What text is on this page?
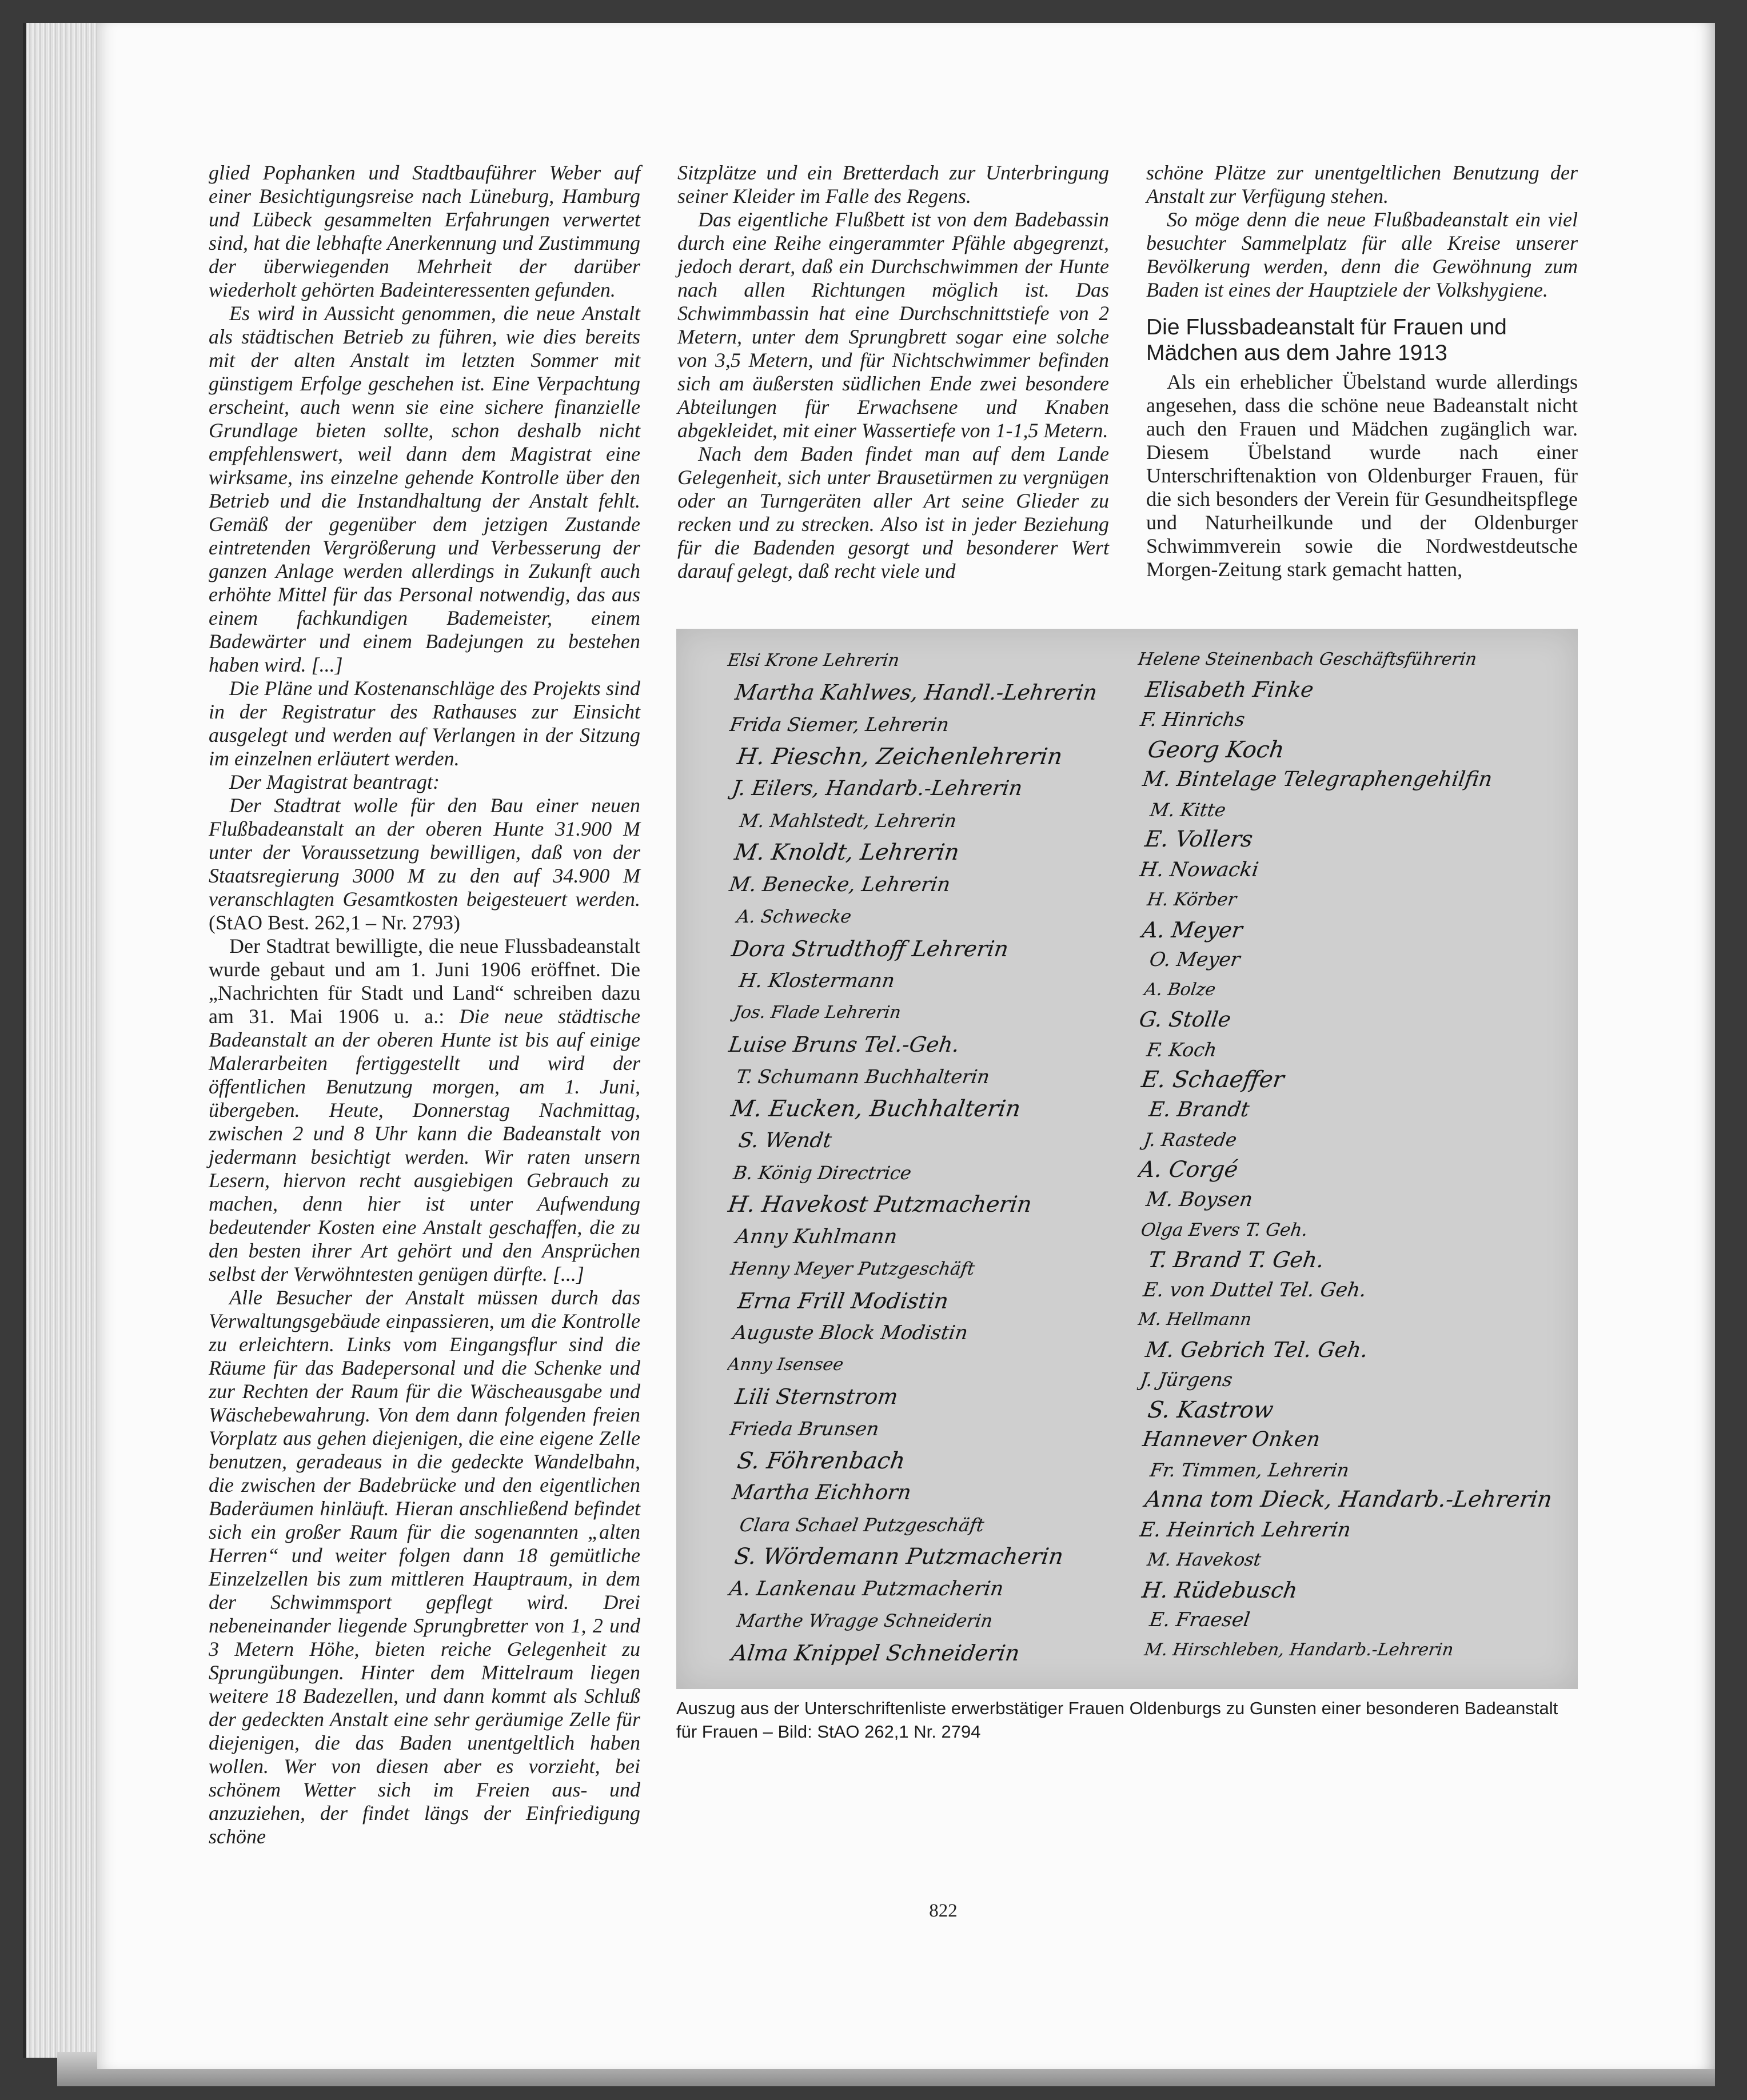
glied Pophanken und Stadtbauführer Weber auf einer Besichtigungsreise nach Lüneburg, Hamburg und Lübeck gesammelten Erfahrungen verwertet sind, hat die lebhafte Anerkennung und Zustimmung der überwiegenden Mehrheit der darüber wiederholt gehörten Badeinteressenten gefunden.

Es wird in Aussicht genommen, die neue Anstalt als städtischen Betrieb zu führen, wie dies bereits mit der alten Anstalt im letzten Sommer mit günstigem Erfolge geschehen ist. Eine Verpachtung erscheint, auch wenn sie eine sichere finanzielle Grundlage bieten sollte, schon deshalb nicht empfehlenswert, weil dann dem Magistrat eine wirksame, ins einzelne gehende Kontrolle über den Betrieb und die Instandhaltung der Anstalt fehlt. Gemäß der gegenüber dem jetzigen Zustande eintretenden Vergrößerung und Verbesserung der ganzen Anlage werden allerdings in Zukunft auch erhöhte Mittel für das Personal notwendig, das aus einem fachkundigen Bademeister, einem Badewärter und einem Badejungen zu bestehen haben wird. [...]

Die Pläne und Kostenanschläge des Projekts sind in der Registratur des Rathauses zur Einsicht ausgelegt und werden auf Verlangen in der Sitzung im einzelnen erläutert werden.

Der Magistrat beantragt:

Der Stadtrat wolle für den Bau einer neuen Flußbadeanstalt an der oberen Hunte 31.900 M unter der Voraussetzung bewilligen, daß von der Staatsregierung 3000 M zu den auf 34.900 M veranschlagten Gesamtkosten beigesteuert werden. (StAO Best. 262,1 – Nr. 2793)

Der Stadtrat bewilligte, die neue Flussbadeanstalt wurde gebaut und am 1. Juni 1906 eröffnet. Die „Nachrichten für Stadt und Land“ schreiben dazu am 31. Mai 1906 u. a.: Die neue städtische Badeanstalt an der oberen Hunte ist bis auf einige Malerarbeiten fertiggestellt und wird der öffentlichen Benutzung morgen, am 1. Juni, übergeben. Heute, Donnerstag Nachmittag, zwischen 2 und 8 Uhr kann die Badeanstalt von jedermann besichtigt werden. Wir raten unsern Lesern, hiervon recht ausgiebigen Gebrauch zu machen, denn hier ist unter Aufwendung bedeutender Kosten eine Anstalt geschaffen, die zu den besten ihrer Art gehört und den Ansprüchen selbst der Verwöhntesten genügen dürfte. [...]

Alle Besucher der Anstalt müssen durch das Verwaltungsgebäude einpassieren, um die Kontrolle zu erleichtern. Links vom Eingangsflur sind die Räume für das Badepersonal und die Schenke und zur Rechten der Raum für die Wäscheausgabe und Wäschebewahrung. Von dem dann folgenden freien Vorplatz aus gehen diejenigen, die eine eigene Zelle benutzen, geradeaus in die gedeckte Wandelbahn, die zwischen der Badebrücke und den eigentlichen Baderäumen hinläuft. Hieran anschließend befindet sich ein großer Raum für die sogenannten „alten Herren“ und weiter folgen dann 18 gemütliche Einzelzellen bis zum mittleren Hauptraum, in dem der Schwimmsport gepflegt wird. Drei nebeneinander liegende Sprungbretter von 1, 2 und 3 Metern Höhe, bieten reiche Gelegenheit zu Sprungübungen. Hinter dem Mittelraum liegen weitere 18 Badezellen, und dann kommt als Schluß der gedeckten Anstalt eine sehr geräumige Zelle für diejenigen, die das Baden unentgeltlich haben wollen. Wer von diesen aber es vorzieht, bei schönem Wetter sich im Freien aus- und anzuziehen, der findet längs der Einfriedigung schöne

Sitzplätze und ein Bretterdach zur Unterbringung seiner Kleider im Falle des Regens.

Das eigentliche Flußbett ist von dem Badebassin durch eine Reihe eingerammter Pfähle abgegrenzt, jedoch derart, daß ein Durchschwimmen der Hunte nach allen Richtungen möglich ist. Das Schwimmbassin hat eine Durchschnittstiefe von 2 Metern, unter dem Sprungbrett sogar eine solche von 3,5 Metern, und für Nichtschwimmer befinden sich am äußersten südlichen Ende zwei besondere Abteilungen für Erwachsene und Knaben abgekleidet, mit einer Wassertiefe von 1-1,5 Metern.

Nach dem Baden findet man auf dem Lande Gelegenheit, sich unter Brausetürmen zu vergnügen oder an Turngeräten aller Art seine Glieder zu recken und zu strecken. Also ist in jeder Beziehung für die Badenden gesorgt und besonderer Wert darauf gelegt, daß recht viele und

schöne Plätze zur unentgeltlichen Benutzung der Anstalt zur Verfügung stehen.

So möge denn die neue Flußbadeanstalt ein viel besuchter Sammelplatz für alle Kreise unserer Bevölkerung werden, denn die Gewöhnung zum Baden ist eines der Hauptziele der Volkshygiene.

Die Flussbadeanstalt für Frauen und Mädchen aus dem Jahre 1913

Als ein erheblicher Übelstand wurde allerdings angesehen, dass die schöne neue Badeanstalt nicht auch den Frauen und Mädchen zugänglich war. Diesem Übelstand wurde nach einer Unterschriftenaktion von Oldenburger Frauen, für die sich besonders der Verein für Gesundheitspflege und Naturheilkunde und der Oldenburger Schwimmverein sowie die Nordwestdeutsche Morgen-Zeitung stark gemacht hatten,

Elsi Krone Lehrerin
Martha Kahlwes, Handl.-Lehrerin
Frida Siemer, Lehrerin
H. Pieschn, Zeichenlehrerin
J. Eilers, Handarb.-Lehrerin
M. Mahlstedt, Lehrerin
M. Knoldt, Lehrerin
M. Benecke, Lehrerin
A. Schwecke
Dora Strudthoff Lehrerin
H. Klostermann
Jos. Flade Lehrerin
Luise Bruns Tel.-Geh.
T. Schumann Buchhalterin
M. Eucken, Buchhalterin
S. Wendt
B. König Directrice
H. Havekost Putzmacherin
Anny Kuhlmann
Henny Meyer Putzgeschäft
Erna Frill Modistin
Auguste Block Modistin
Anny Isensee
Lili Sternstrom
Frieda Brunsen
S. Föhrenbach
Martha Eichhorn
Clara Schael Putzgeschäft
S. Wördemann Putzmacherin
A. Lankenau Putzmacherin
Marthe Wragge Schneiderin
Alma Knippel Schneiderin
Helene Steinenbach Geschäftsführerin
Elisabeth Finke
F. Hinrichs
Georg Koch
M. Bintelage Telegraphengehilfin
M. Kitte
E. Vollers
H. Nowacki
H. Körber
A. Meyer
O. Meyer
A. Bolze
G. Stolle
F. Koch
E. Schaeffer
E. Brandt
J. Rastede
A. Corgé
M. Boysen
Olga Evers T. Geh.
T. Brand T. Geh.
E. von Duttel Tel. Geh.
M. Hellmann
M. Gebrich Tel. Geh.
J. Jürgens
S. Kastrow
Hannever Onken
Fr. Timmen, Lehrerin
Anna tom Dieck, Handarb.-Lehrerin
E. Heinrich Lehrerin
M. Havekost
H. Rüdebusch
E. Fraesel
M. Hirschleben, Handarb.-Lehrerin
Auszug aus der Unterschriftenliste erwerbstätiger Frauen Oldenburgs zu Gunsten einer besonderen Badeanstalt für Frauen – Bild: StAO 262,1 Nr. 2794
822
